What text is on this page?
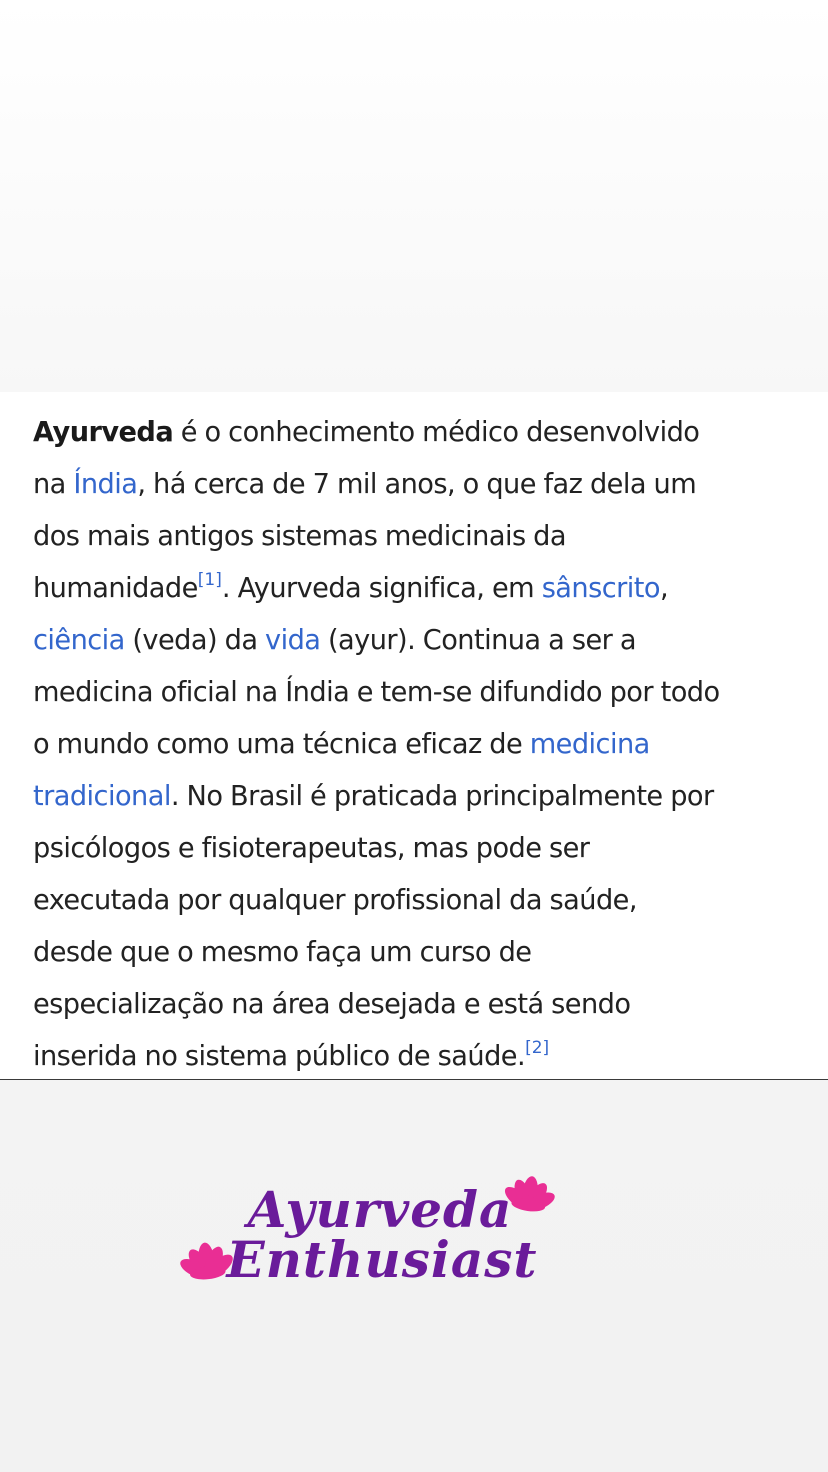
Ayurveda é o conhecimento médico desenvolvido
na Índia, há cerca de 7 mil anos, o que faz dela um
dos mais antigos sistemas medicinais da
humanidade[1]. Ayurveda significa, em sânscrito,
ciência (veda) da vida (ayur). Continua a ser a
medicina oficial na Índia e tem-se difundido por todo
o mundo como uma técnica eficaz de medicina
tradicional. No Brasil é praticada principalmente por
psicólogos e fisioterapeutas, mas pode ser
executada por qualquer profissional da saúde,
desde que o mesmo faça um curso de
especialização na área desejada e está sendo
inserida no sistema público de saúde.[2]

Ayurveda
Enthusiast
